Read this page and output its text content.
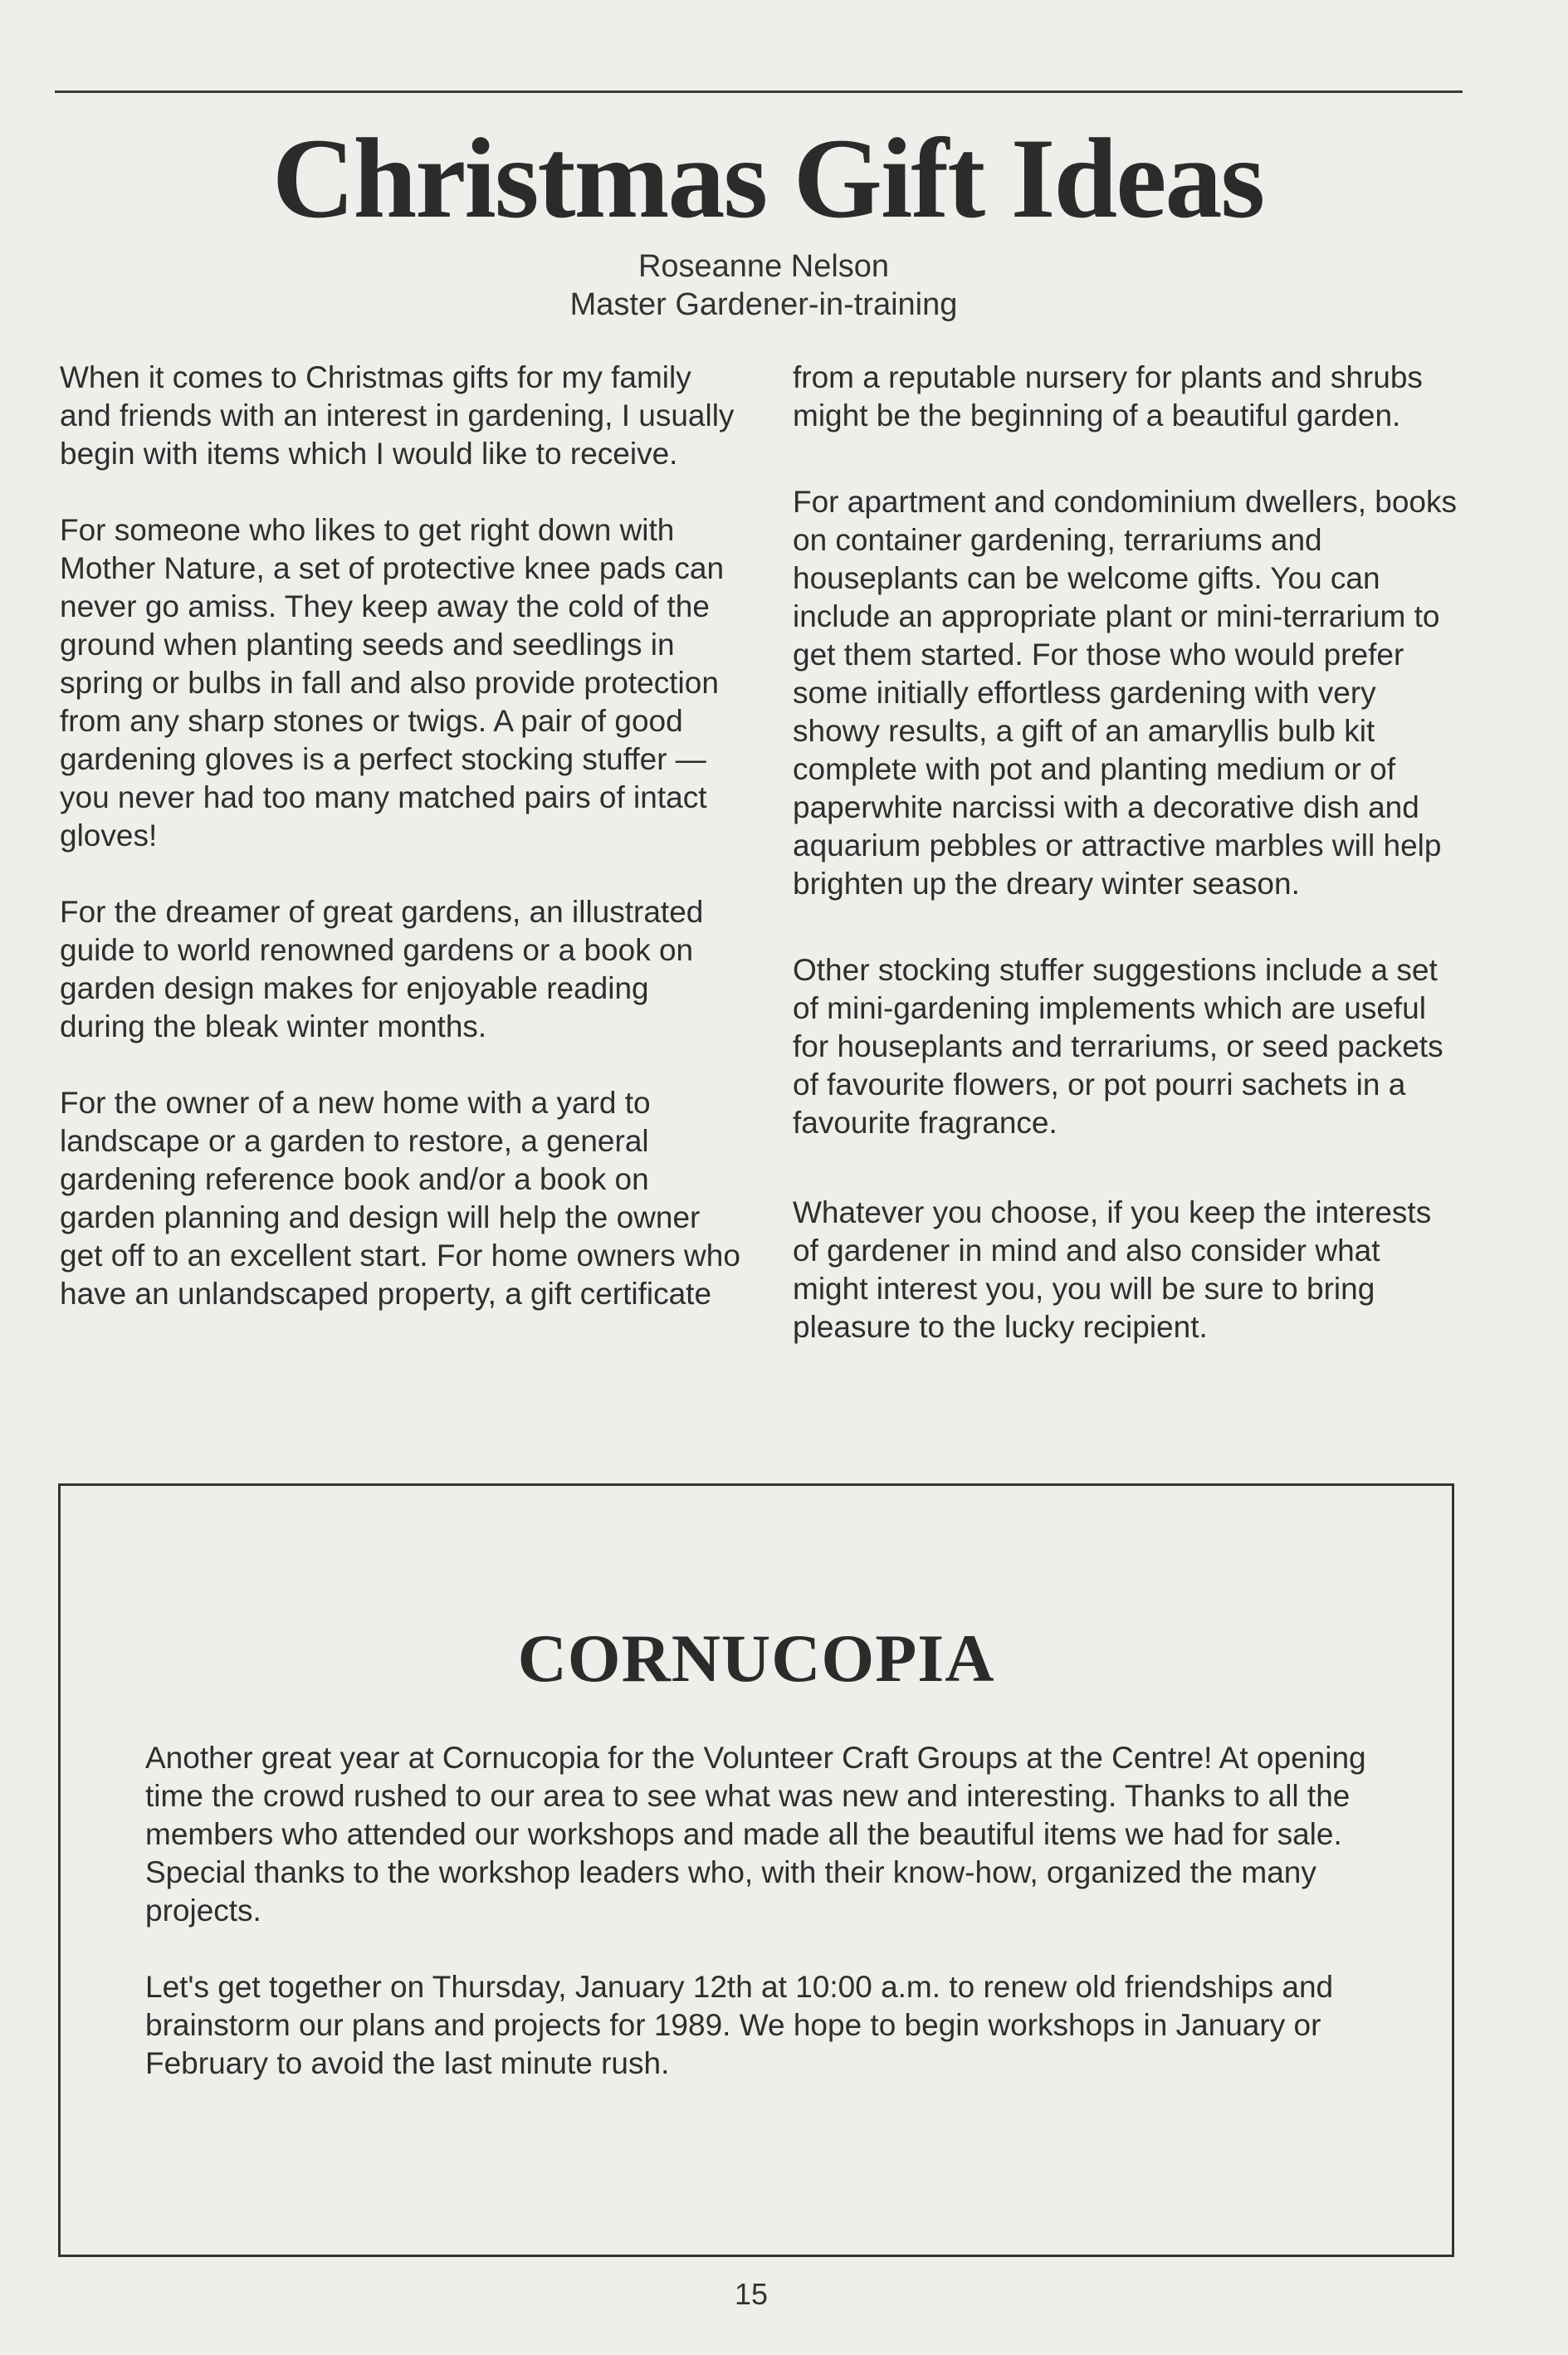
Christmas Gift Ideas
Roseanne Nelson
Master Gardener-in-training

When it comes to Christmas gifts for my family and friends with an interest in gardening, I usually begin with items which I would like to receive.

For someone who likes to get right down with Mother Nature, a set of protective knee pads can never go amiss. They keep away the cold of the ground when planting seeds and seedlings in spring or bulbs in fall and also provide protection from any sharp stones or twigs. A pair of good gardening gloves is a perfect stocking stuffer — you never had too many matched pairs of intact gloves!

For the dreamer of great gardens, an illustrated guide to world renowned gardens or a book on garden design makes for enjoyable reading during the bleak winter months.

For the owner of a new home with a yard to landscape or a garden to restore, a general gardening reference book and/or a book on garden planning and design will help the owner get off to an excellent start. For home owners who have an unlandscaped property, a gift certificate

from a reputable nursery for plants and shrubs might be the beginning of a beautiful garden.

For apartment and condominium dwellers, books on container gardening, terrariums and houseplants can be welcome gifts. You can include an appropriate plant or mini-terrarium to get them started. For those who would prefer some initially effortless gardening with very showy results, a gift of an amaryllis bulb kit complete with pot and planting medium or of paperwhite narcissi with a decorative dish and aquarium pebbles or attractive marbles will help brighten up the dreary winter season.

Other stocking stuffer suggestions include a set of mini-gardening implements which are useful for houseplants and terrariums, or seed packets of favourite flowers, or pot pourri sachets in a favourite fragrance.

Whatever you choose, if you keep the interests of gardener in mind and also consider what might interest you, you will be sure to bring pleasure to the lucky recipient.

CORNUCOPIA

Another great year at Cornucopia for the Volunteer Craft Groups at the Centre! At opening time the crowd rushed to our area to see what was new and interesting. Thanks to all the members who attended our workshops and made all the beautiful items we had for sale. Special thanks to the workshop leaders who, with their know-how, organized the many projects.

Let's get together on Thursday, January 12th at 10:00 a.m. to renew old friendships and brainstorm our plans and projects for 1989. We hope to begin workshops in January or February to avoid the last minute rush.

15
